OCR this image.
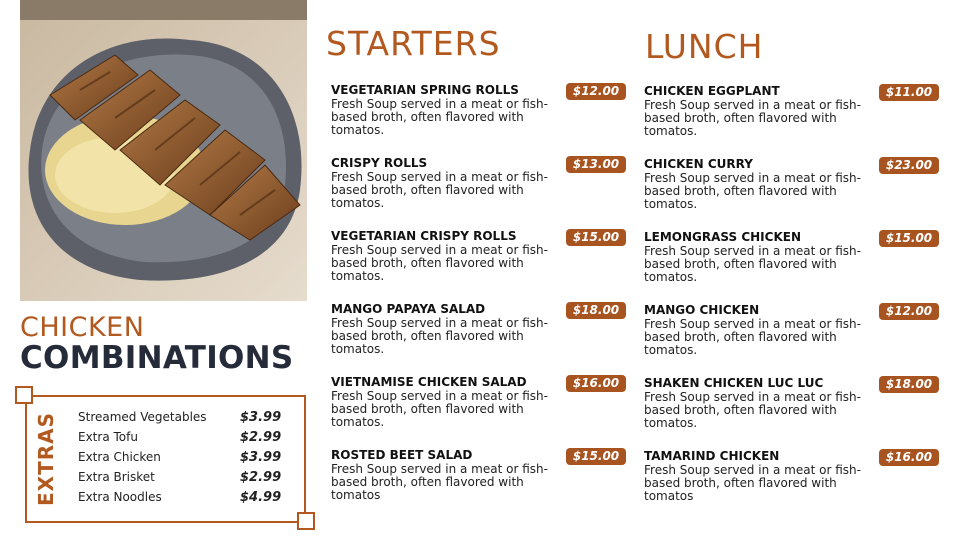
CHICKEN
COMBINATIONS
EXTRAS Streamed Vegetables	$3.99
Extra Tofu	$2.99
Extra Chicken	$3.99
Extra Brisket	$2.99
Extra Noodles	$4.99
STARTERS
VEGETARIAN SPRING ROLLS
Fresh Soup served in a meat or fish-based broth, often flavored with tomatos.
$12.00
CRISPY ROLLS
Fresh Soup served in a meat or fish-based broth, often flavored with tomatos.
$13.00
VEGETARIAN CRISPY ROLLS
Fresh Soup served in a meat or fish-based broth, often flavored with tomatos.
$15.00
MANGO PAPAYA SALAD
Fresh Soup served in a meat or fish-based broth, often flavored with tomatos.
$18.00
VIETNAMISE CHICKEN SALAD
Fresh Soup served in a meat or fish-based broth, often flavored with tomatos.
$16.00
ROSTED BEET SALAD
Fresh Soup served in a meat or fish-based broth, often flavored with tomatos
$15.00
LUNCH
CHICKEN EGGPLANT
Fresh Soup served in a meat or fish-based broth, often flavored with tomatos.
$11.00
CHICKEN CURRY
Fresh Soup served in a meat or fish-based broth, often flavored with tomatos.
$23.00
LEMONGRASS CHICKEN
Fresh Soup served in a meat or fish-based broth, often flavored with tomatos.
$15.00
MANGO CHICKEN
Fresh Soup served in a meat or fish-based broth, often flavored with tomatos.
$12.00
SHAKEN CHICKEN LUC LUC
Fresh Soup served in a meat or fish-based broth, often flavored with tomatos.
$18.00
TAMARIND CHICKEN
Fresh Soup served in a meat or fish-based broth, often flavored with tomatos
$16.00
